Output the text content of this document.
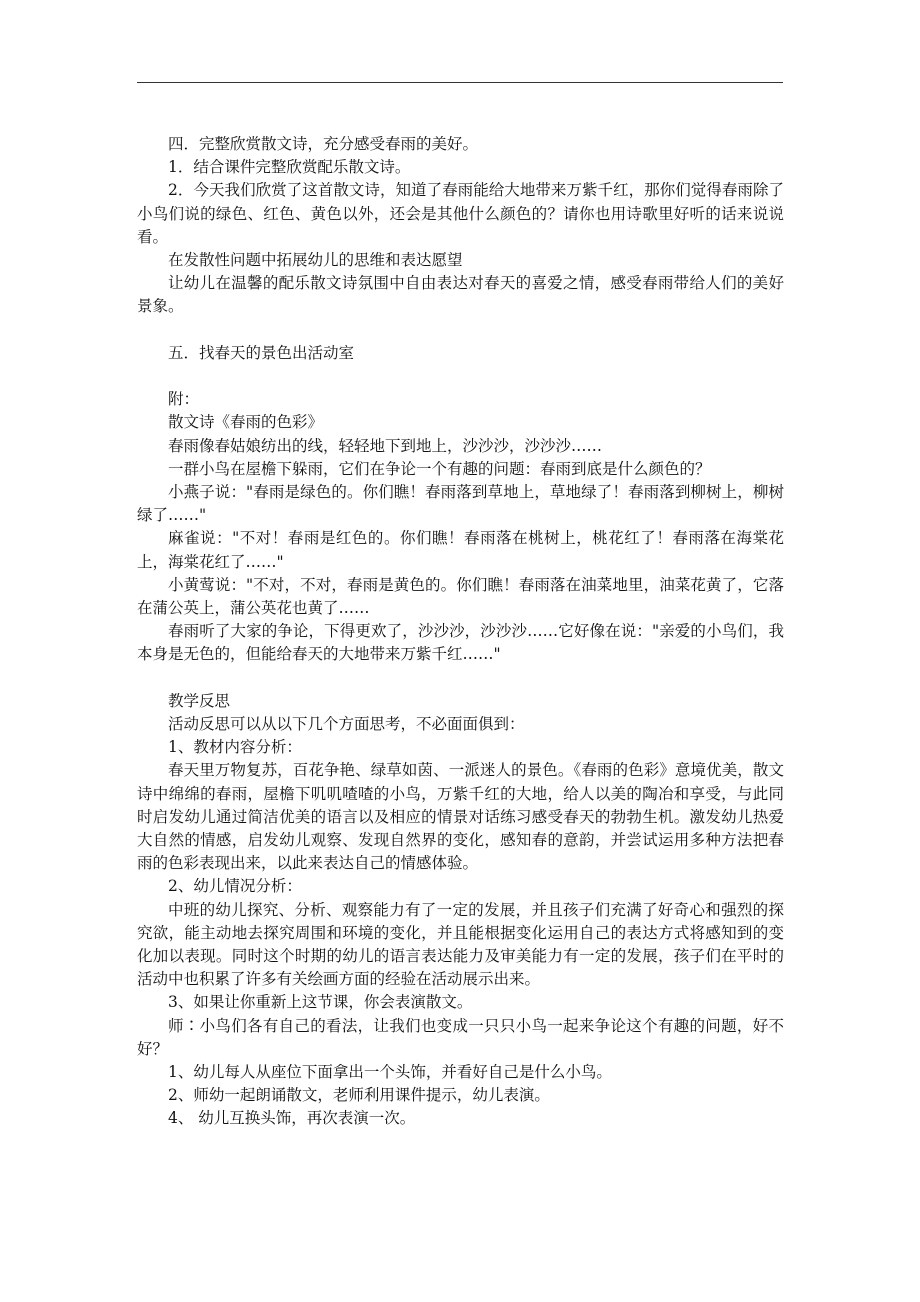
四．完整欣赏散文诗，充分感受春雨的美好。

1．结合课件完整欣赏配乐散文诗。

2．今天我们欣赏了这首散文诗，知道了春雨能给大地带来万紫千红，那你们觉得春雨除了小鸟们说的绿色、红色、黄色以外，还会是其他什么颜色的？请你也用诗歌里好听的话来说说看。

在发散性问题中拓展幼儿的思维和表达愿望

让幼儿在温馨的配乐散文诗氛围中自由表达对春天的喜爱之情，感受春雨带给人们的美好景象。

五．找春天的景色出活动室

附：

散文诗《春雨的色彩》

春雨像春姑娘纺出的线，轻轻地下到地上，沙沙沙，沙沙沙……

一群小鸟在屋檐下躲雨，它们在争论一个有趣的问题：春雨到底是什么颜色的？

小燕子说："春雨是绿色的。你们瞧！春雨落到草地上，草地绿了！春雨落到柳树上，柳树绿了……"

麻雀说："不对！春雨是红色的。你们瞧！春雨落在桃树上，桃花红了！春雨落在海棠花上，海棠花红了……"

小黄莺说："不对，不对，春雨是黄色的。你们瞧！春雨落在油菜地里，油菜花黄了，它落在蒲公英上，蒲公英花也黄了……

春雨听了大家的争论，下得更欢了，沙沙沙，沙沙沙……它好像在说："亲爱的小鸟们，我本身是无色的，但能给春天的大地带来万紫千红……"

教学反思

活动反思可以从以下几个方面思考，不必面面俱到：

1、教材内容分析：

春天里万物复苏，百花争艳、绿草如茵、一派迷人的景色。《春雨的色彩》意境优美，散文诗中绵绵的春雨，屋檐下叽叽喳喳的小鸟，万紫千红的大地，给人以美的陶冶和享受，与此同时启发幼儿通过简洁优美的语言以及相应的情景对话练习感受春天的勃勃生机。激发幼儿热爱大自然的情感，启发幼儿观察、发现自然界的变化，感知春的意韵，并尝试运用多种方法把春雨的色彩表现出来，以此来表达自己的情感体验。

2、幼儿情况分析：

中班的幼儿探究、分析、观察能力有了一定的发展，并且孩子们充满了好奇心和强烈的探究欲，能主动地去探究周围和环境的变化，并且能根据变化运用自己的表达方式将感知到的变化加以表现。同时这个时期的幼儿的语言表达能力及审美能力有一定的发展，孩子们在平时的活动中也积累了许多有关绘画方面的经验在活动展示出来。

3、如果让你重新上这节课，你会表演散文。

师∶小鸟们各有自己的看法，让我们也变成一只只小鸟一起来争论这个有趣的问题，好不好？

1、幼儿每人从座位下面拿出一个头饰，并看好自己是什么小鸟。

2、师幼一起朗诵散文，老师利用课件提示，幼儿表演。

4、 幼儿互换头饰，再次表演一次。
